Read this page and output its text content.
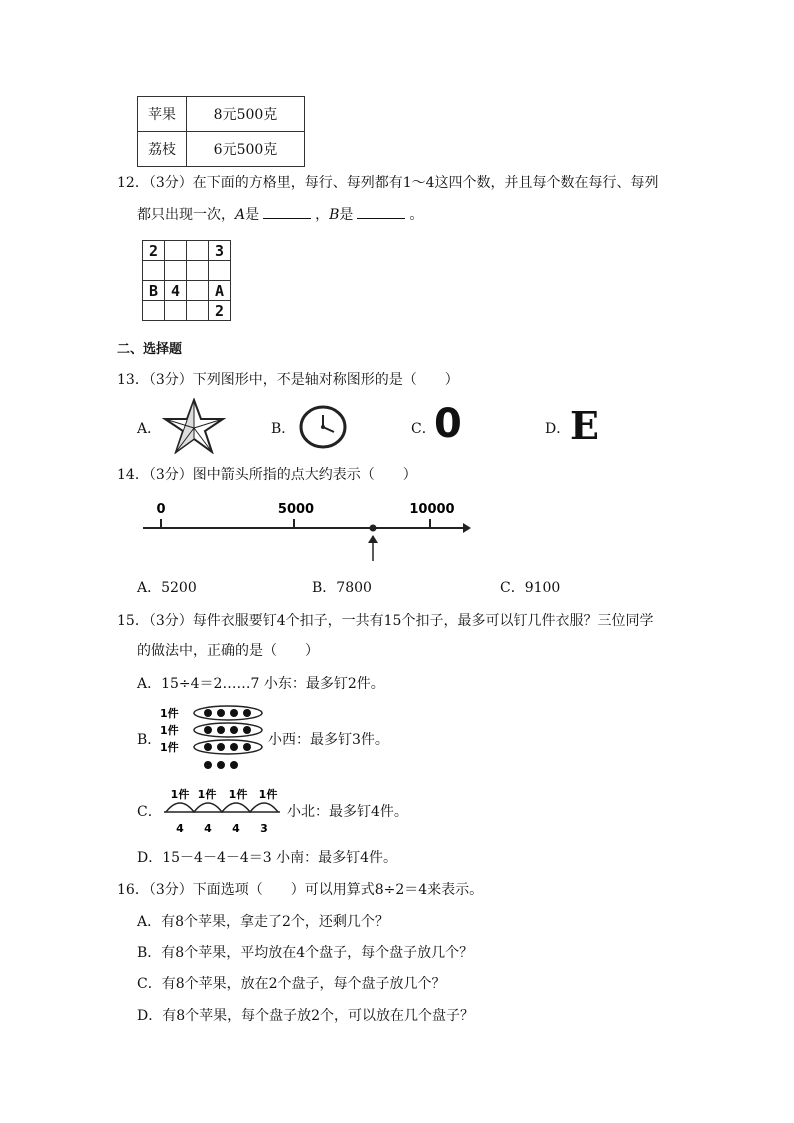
苹果	8元500克
荔枝	6元500克
12．（3分）在下面的方格里，每行、每列都有1～4这四个数，并且每个数在每行、每列
都只出现一次，A是	，B是	。
2			3

B	4		A
			2
二、选择题
13．（3分）下列图形中，不是轴对称图形的是（　　）
A．	B．	C．
0	D． E
14．（3分）图中箭头所指的点大约表示（　　）
0	5000	10000
A．5200	B．7800	C．9100
15．（3分）每件衣服要钉4个扣子，一共有15个扣子，最多可以钉几件衣服？三位同学
的做法中，正确的是（　　）
A．15÷4＝2……7 小东：最多钉2件。
B．
1件
1件
1件	小西：最多钉3件。
C．
1件 1件 1件 1件
4 4 4 3
小北：最多钉4件。
D．15－4－4－4＝3 小南：最多钉4件。
16．（3分）下面选项（　　）可以用算式8÷2＝4来表示。
A．有8个苹果，拿走了2个，还剩几个？
B．有8个苹果，平均放在4个盘子，每个盘子放几个？
C．有8个苹果，放在2个盘子，每个盘子放几个？
D．有8个苹果，每个盘子放2个，可以放在几个盘子？
